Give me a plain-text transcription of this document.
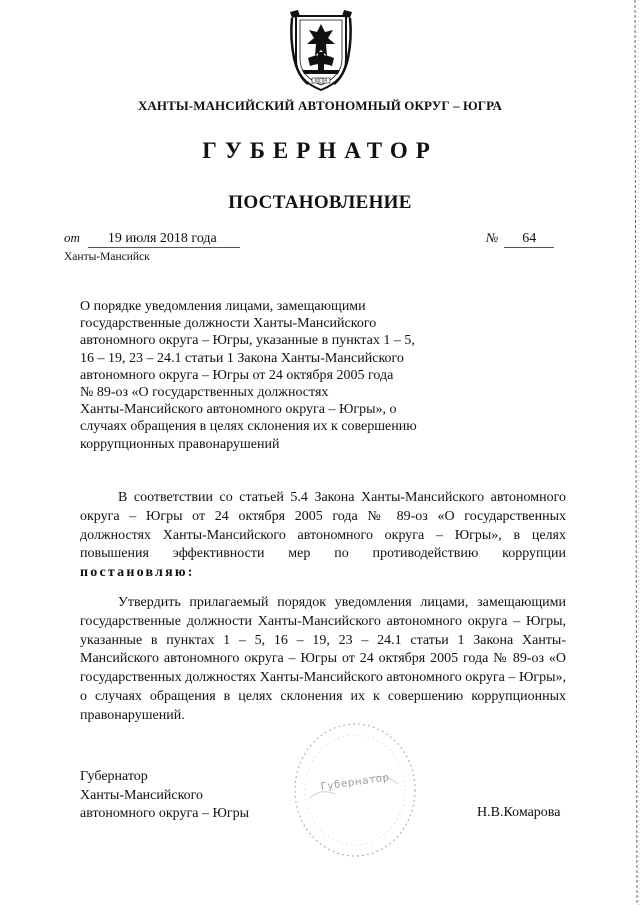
ЮГРА
ХАНТЫ-МАНСИЙСКИЙ АВТОНОМНЫЙ ОКРУГ – ЮГРА
ГУБЕРНАТОР
ПОСТАНОВЛЕНИЕ
от 19 июля 2018 года	№ 64
Ханты-Мансийск
О порядке уведомления лицами, замещающими
государственные должности Ханты-Мансийского
автономного округа – Югры, указанные в пунктах 1 – 5,
16 – 19, 23 – 24.1 статьи 1 Закона Ханты-Мансийского
автономного округа – Югры от 24 октября 2005 года
№ 89-оз «О государственных должностях
Ханты-Мансийского автономного округа – Югры», о
случаях обращения в целях склонения их к совершению
коррупционных правонарушений
В соответствии со статьей 5.4 Закона Ханты-Мансийского автономного округа – Югры от 24 октября 2005 года № 89-оз «О государственных должностях Ханты-Мансийского автономного округа – Югры», в целях повышения эффективности мер по противодействию коррупции постановляю:
Утвердить прилагаемый порядок уведомления лицами, замещающими государственные должности Ханты-Мансийского автономного округа – Югры, указанные в пунктах 1 – 5, 16 – 19, 23 – 24.1 статьи 1 Закона Ханты-Мансийского автономного округа – Югры от 24 октября 2005 года № 89-оз «О государственных должностях Ханты-Мансийского автономного округа – Югры», о случаях обращения в целях склонения их к совершению коррупционных правонарушений.
Губернатор
Губернатор
Ханты-Мансийского
автономного округа – Югры	Н.В.Комарова
